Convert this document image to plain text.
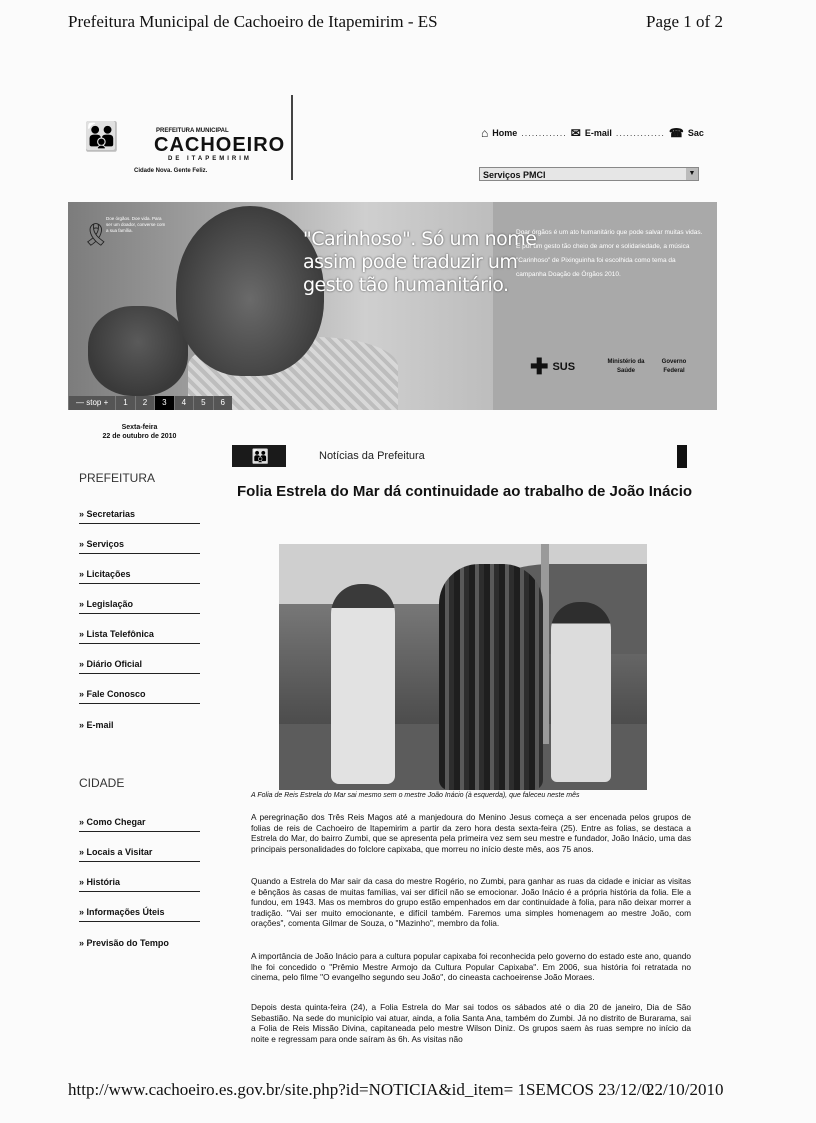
Prefeitura Municipal de Cachoeiro de Itapemirim - ES	Page 1 of 2
👪	PREFEITURA MUNICIPAL
CACHOEIRO
DE ITAPEMIRIM
Cidade Nova. Gente Feliz.
⌂ Home ............. ✉ E-mail .............. ☎ Sac
Serviços PMCI	▼
🎗
Doe órgãos. Doe vida. Para ser um doador, converse com a sua família.	"Carinhoso". Só um nome assim pode traduzir um gesto tão humanitário.
Doar órgãos é um ato humanitário que pode salvar muitas vidas. E por um gesto tão cheio de amor e solidariedade, a música "Carinhoso" de Pixinguinha foi escolhida como tema da campanha Doação de Órgãos 2010.
✚ SUS	Ministério da Saúde
Governo Federal
— stop +	1	2	3	4	5	6
Sexta-feira
22 de outubro de 2010
PREFEITURA
» Secretarias
» Serviços
» Licitações
» Legislação
» Lista Telefônica
» Diário Oficial
» Fale Conosco
» E-mail
CIDADE
» Como Chegar
» Locais a Visitar
» História
» Informações Úteis
» Previsão do Tempo
👪	Notícias da Prefeitura
Folia Estrela do Mar dá continuidade ao trabalho de João Inácio
A Folia de Reis Estrela do Mar sai mesmo sem o mestre João Inácio (à esquerda), que faleceu neste mês
A peregrinação dos Três Reis Magos até a manjedoura do Menino Jesus começa a ser encenada pelos grupos de folias de reis de Cachoeiro de Itapemirim a partir da zero hora desta sexta-feira (25). Entre as folias, se destaca a Estrela do Mar, do bairro Zumbi, que se apresenta pela primeira vez sem seu mestre e fundador, João Inácio, uma das principais personalidades do folclore capixaba, que morreu no início deste mês, aos 75 anos.
Quando a Estrela do Mar sair da casa do mestre Rogério, no Zumbi, para ganhar as ruas da cidade e iniciar as visitas e bênçãos às casas de muitas famílias, vai ser difícil não se emocionar. João Inácio é a própria história da folia. Ele a fundou, em 1943. Mas os membros do grupo estão empenhados em dar continuidade à folia, para não deixar morrer a tradição. "Vai ser muito emocionante, e difícil também. Faremos uma simples homenagem ao mestre João, com orações", comenta Gilmar de Souza, o "Mazinho", membro da folia.
A importância de João Inácio para a cultura popular capixaba foi reconhecida pelo governo do estado este ano, quando lhe foi concedido o "Prêmio Mestre Armojo da Cultura Popular Capixaba". Em 2006, sua história foi retratada no cinema, pelo filme "O evangelho segundo seu João", do cineasta cachoeirense João Moraes.
Depois desta quinta-feira (24), a Folia Estrela do Mar sai todos os sábados até o dia 20 de janeiro, Dia de São Sebastião. Na sede do município vai atuar, ainda, a folia Santa Ana, também do Zumbi. Já no distrito de Burarama, sai a Folia de Reis Missão Divina, capitaneada pelo mestre Wilson Diniz. Os grupos saem às ruas sempre no início da noite e regressam para onde saíram às 6h. As visitas não
http://www.cachoeiro.es.gov.br/site.php?id=NOTICIA&id_item= 1SEMCOS 23/12/0...
22/10/2010
